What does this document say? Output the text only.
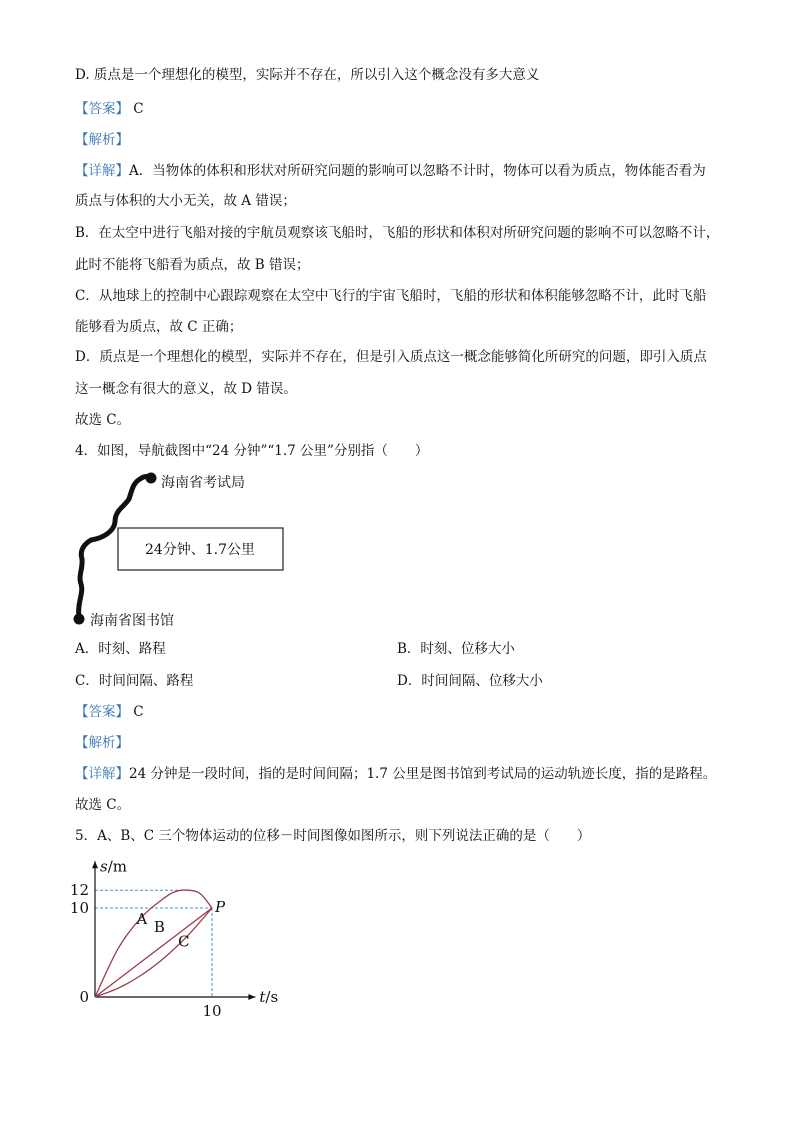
D. 质点是一个理想化的模型，实际并不存在，所以引入这个概念没有多大意义
【答案】 C
【解析】
【详解】A．当物体的体积和形状对所研究问题的影响可以忽略不计时，物体可以看为质点，物体能否看为
质点与体积的大小无关，故 A 错误；
B．在太空中进行飞船对接的宇航员观察该飞船时，飞船的形状和体积对所研究问题的影响不可以忽略不计，
此时不能将飞船看为质点，故 B 错误；
C．从地球上的控制中心跟踪观察在太空中飞行的宇宙飞船时，飞船的形状和体积能够忽略不计，此时飞船
能够看为质点，故 C 正确；
D．质点是一个理想化的模型，实际并不存在，但是引入质点这一概念能够简化所研究的问题，即引入质点
这一概念有很大的意义，故 D 错误。
故选 C。
4．如图，导航截图中“24 分钟”“1.7 公里”分别指（　　）
海南省考试局
24分钟、1.7公里
海南省图书馆
A．时刻、路程	B．时刻、位移大小
C．时间间隔、路程	D．时间间隔、位移大小
【答案】 C
【解析】
【详解】24 分钟是一段时间，指的是时间间隔；1.7 公里是图书馆到考试局的运动轨迹长度，指的是路程。
故选 C。
5．A、B、C 三个物体运动的位移－时间图像如图所示，则下列说法正确的是（　　）
A B
C
12
10
10
0
P
s/m
t/s
